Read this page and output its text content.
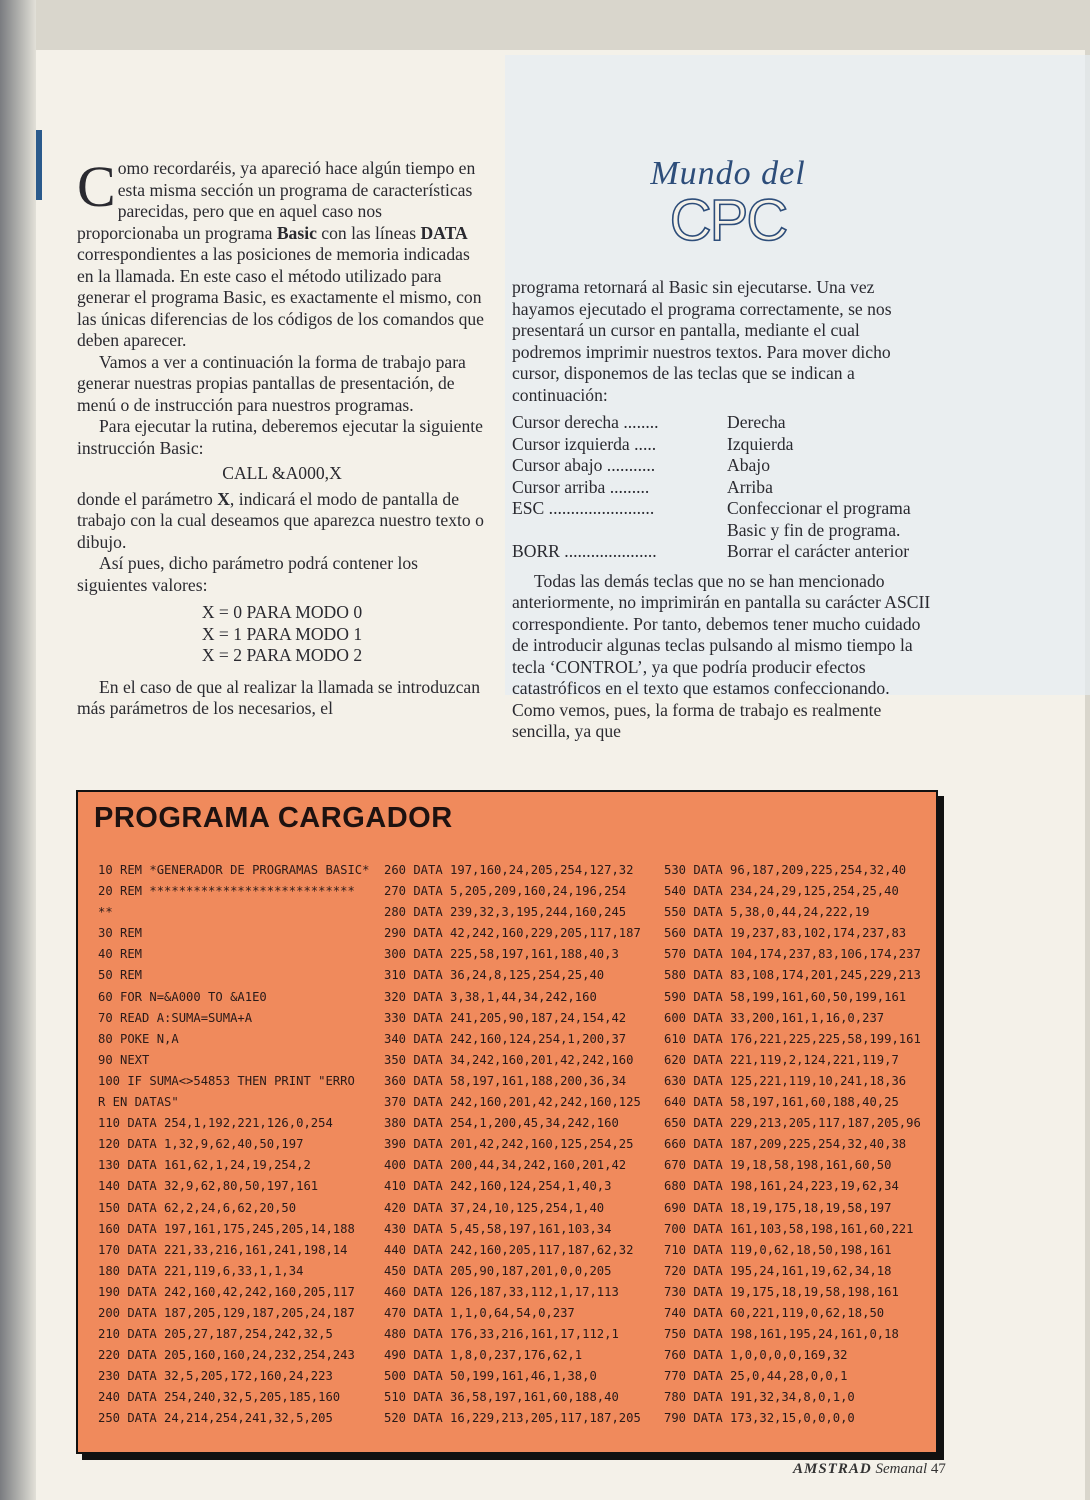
Mundo del
CPC

Como recordaréis, ya apareció hace algún tiempo en esta misma sección un programa de características parecidas, pero que en aquel caso nos proporcionaba un programa Basic con las líneas DATA correspondientes a las posiciones de memoria indicadas en la llamada. En este caso el método utilizado para generar el programa Basic, es exactamente el mismo, con las únicas diferencias de los códigos de los comandos que deben aparecer.

Vamos a ver a continuación la forma de trabajo para generar nuestras propias pantallas de presentación, de menú o de instrucción para nuestros programas.

Para ejecutar la rutina, deberemos ejecutar la siguiente instrucción Basic:

CALL &A000,X

donde el parámetro X, indicará el modo de pantalla de trabajo con la cual deseamos que aparezca nuestro texto o dibujo.

Así pues, dicho parámetro podrá contener los siguientes valores:

X = 0 PARA MODO 0

X = 1 PARA MODO 1

X = 2 PARA MODO 2

En el caso de que al realizar la llamada se introduzcan más parámetros de los necesarios, el

programa retornará al Basic sin ejecutarse. Una vez hayamos ejecutado el programa correctamente, se nos presentará un cursor en pantalla, mediante el cual podremos imprimir nuestros textos. Para mover dicho cursor, disponemos de las teclas que se indican a continuación:

Cursor derecha ........	Derecha
Cursor izquierda .....	Izquierda
Cursor abajo ...........	Abajo
Cursor arriba .........	Arriba
ESC ........................	Confeccionar el programa Basic y fin de programa.
BORR .....................	Borrar el carácter anterior

Todas las demás teclas que no se han mencionado anteriormente, no imprimirán en pantalla su carácter ASCII correspondiente. Por tanto, debemos tener mucho cuidado de introducir algunas teclas pulsando al mismo tiempo la tecla ‘CONTROL’, ya que podría producir efectos catastróficos en el texto que estamos confeccionando. Como vemos, pues, la forma de trabajo es realmente sencilla, ya que

PROGRAMA CARGADOR
10 REM *GENERADOR DE PROGRAMAS BASIC*
20 REM ****************************
**
30 REM
40 REM
50 REM
60 FOR N=&A000 TO &A1E0
70 READ A:SUMA=SUMA+A
80 POKE N,A
90 NEXT
100 IF SUMA<>54853 THEN PRINT "ERRO
R EN DATAS"
110 DATA 254,1,192,221,126,0,254
120 DATA 1,32,9,62,40,50,197
130 DATA 161,62,1,24,19,254,2
140 DATA 32,9,62,80,50,197,161
150 DATA 62,2,24,6,62,20,50
160 DATA 197,161,175,245,205,14,188
170 DATA 221,33,216,161,241,198,14
180 DATA 221,119,6,33,1,1,34
190 DATA 242,160,42,242,160,205,117
200 DATA 187,205,129,187,205,24,187
210 DATA 205,27,187,254,242,32,5
220 DATA 205,160,160,24,232,254,243
230 DATA 32,5,205,172,160,24,223
240 DATA 254,240,32,5,205,185,160
250 DATA 24,214,254,241,32,5,205
260 DATA 197,160,24,205,254,127,32
270 DATA 5,205,209,160,24,196,254
280 DATA 239,32,3,195,244,160,245
290 DATA 42,242,160,229,205,117,187
300 DATA 225,58,197,161,188,40,3
310 DATA 36,24,8,125,254,25,40
320 DATA 3,38,1,44,34,242,160
330 DATA 241,205,90,187,24,154,42
340 DATA 242,160,124,254,1,200,37
350 DATA 34,242,160,201,42,242,160
360 DATA 58,197,161,188,200,36,34
370 DATA 242,160,201,42,242,160,125
380 DATA 254,1,200,45,34,242,160
390 DATA 201,42,242,160,125,254,25
400 DATA 200,44,34,242,160,201,42
410 DATA 242,160,124,254,1,40,3
420 DATA 37,24,10,125,254,1,40
430 DATA 5,45,58,197,161,103,34
440 DATA 242,160,205,117,187,62,32
450 DATA 205,90,187,201,0,0,205
460 DATA 126,187,33,112,1,17,113
470 DATA 1,1,0,64,54,0,237
480 DATA 176,33,216,161,17,112,1
490 DATA 1,8,0,237,176,62,1
500 DATA 50,199,161,46,1,38,0
510 DATA 36,58,197,161,60,188,40
520 DATA 16,229,213,205,117,187,205
530 DATA 96,187,209,225,254,32,40
540 DATA 234,24,29,125,254,25,40
550 DATA 5,38,0,44,24,222,19
560 DATA 19,237,83,102,174,237,83
570 DATA 104,174,237,83,106,174,237
580 DATA 83,108,174,201,245,229,213
590 DATA 58,199,161,60,50,199,161
600 DATA 33,200,161,1,16,0,237
610 DATA 176,221,225,225,58,199,161
620 DATA 221,119,2,124,221,119,7
630 DATA 125,221,119,10,241,18,36
640 DATA 58,197,161,60,188,40,25
650 DATA 229,213,205,117,187,205,96
660 DATA 187,209,225,254,32,40,38
670 DATA 19,18,58,198,161,60,50
680 DATA 198,161,24,223,19,62,34
690 DATA 18,19,175,18,19,58,197
700 DATA 161,103,58,198,161,60,221
710 DATA 119,0,62,18,50,198,161
720 DATA 195,24,161,19,62,34,18
730 DATA 19,175,18,19,58,198,161
740 DATA 60,221,119,0,62,18,50
750 DATA 198,161,195,24,161,0,18
760 DATA 1,0,0,0,0,169,32
770 DATA 25,0,44,28,0,0,1
780 DATA 191,32,34,8,0,1,0
790 DATA 173,32,15,0,0,0,0
AMSTRAD Semanal 47
